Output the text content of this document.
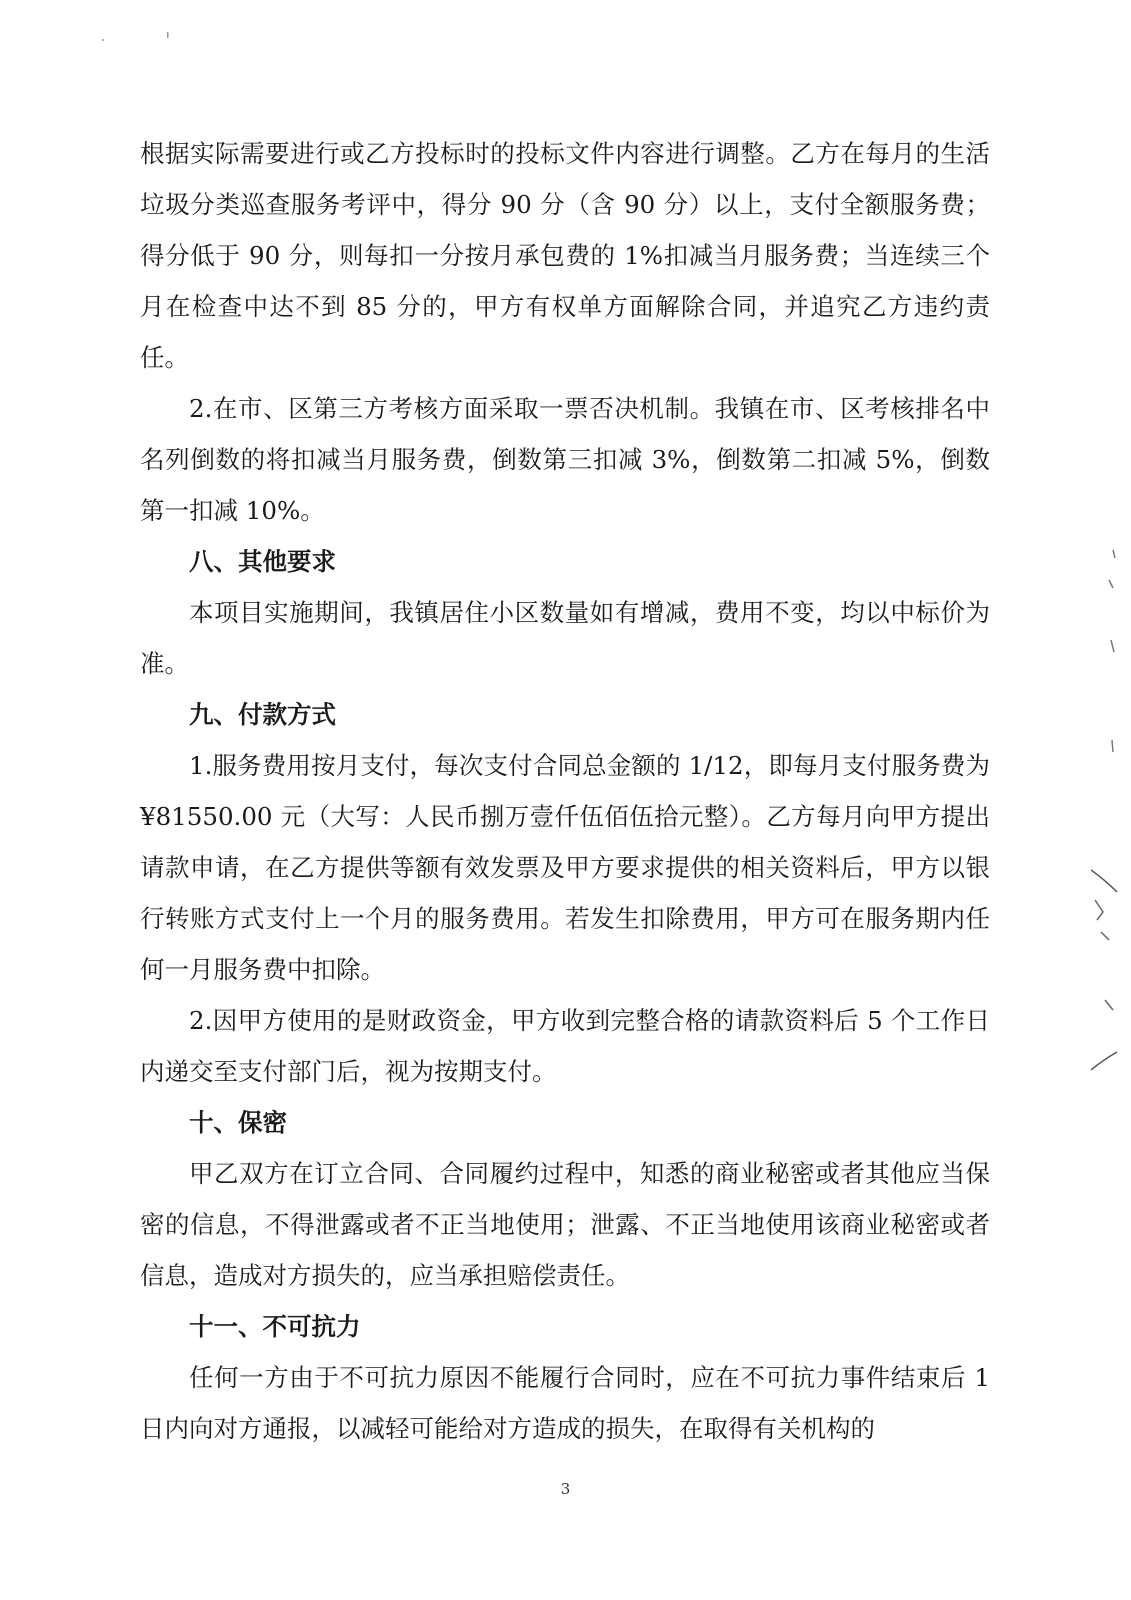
根据实际需要进行或乙方投标时的投标文件内容进行调整。乙方在每月的生活垃圾分类巡查服务考评中，得分 90 分（含 90 分）以上，支付全额服务费；得分低于 90 分，则每扣一分按月承包费的 1%扣减当月服务费；当连续三个月在检查中达不到 85 分的，甲方有权单方面解除合同，并追究乙方违约责任。

2.在市、区第三方考核方面采取一票否决机制。我镇在市、区考核排名中名列倒数的将扣减当月服务费，倒数第三扣减 3%，倒数第二扣减 5%，倒数第一扣减 10%。

八、其他要求

本项目实施期间，我镇居住小区数量如有增减，费用不变，均以中标价为准。

九、付款方式

1.服务费用按月支付，每次支付合同总金额的 1/12，即每月支付服务费为¥81550.00 元（大写：人民币捌万壹仟伍佰伍拾元整）。乙方每月向甲方提出请款申请，在乙方提供等额有效发票及甲方要求提供的相关资料后，甲方以银行转账方式支付上一个月的服务费用。若发生扣除费用，甲方可在服务期内任何一月服务费中扣除。

2.因甲方使用的是财政资金，甲方收到完整合格的请款资料后 5 个工作日内递交至支付部门后，视为按期支付。

十、保密

甲乙双方在订立合同、合同履约过程中，知悉的商业秘密或者其他应当保密的信息，不得泄露或者不正当地使用；泄露、不正当地使用该商业秘密或者信息，造成对方损失的，应当承担赔偿责任。

十一、不可抗力

任何一方由于不可抗力原因不能履行合同时，应在不可抗力事件结束后 1 日内向对方通报，以减轻可能给对方造成的损失，在取得有关机构的

3
